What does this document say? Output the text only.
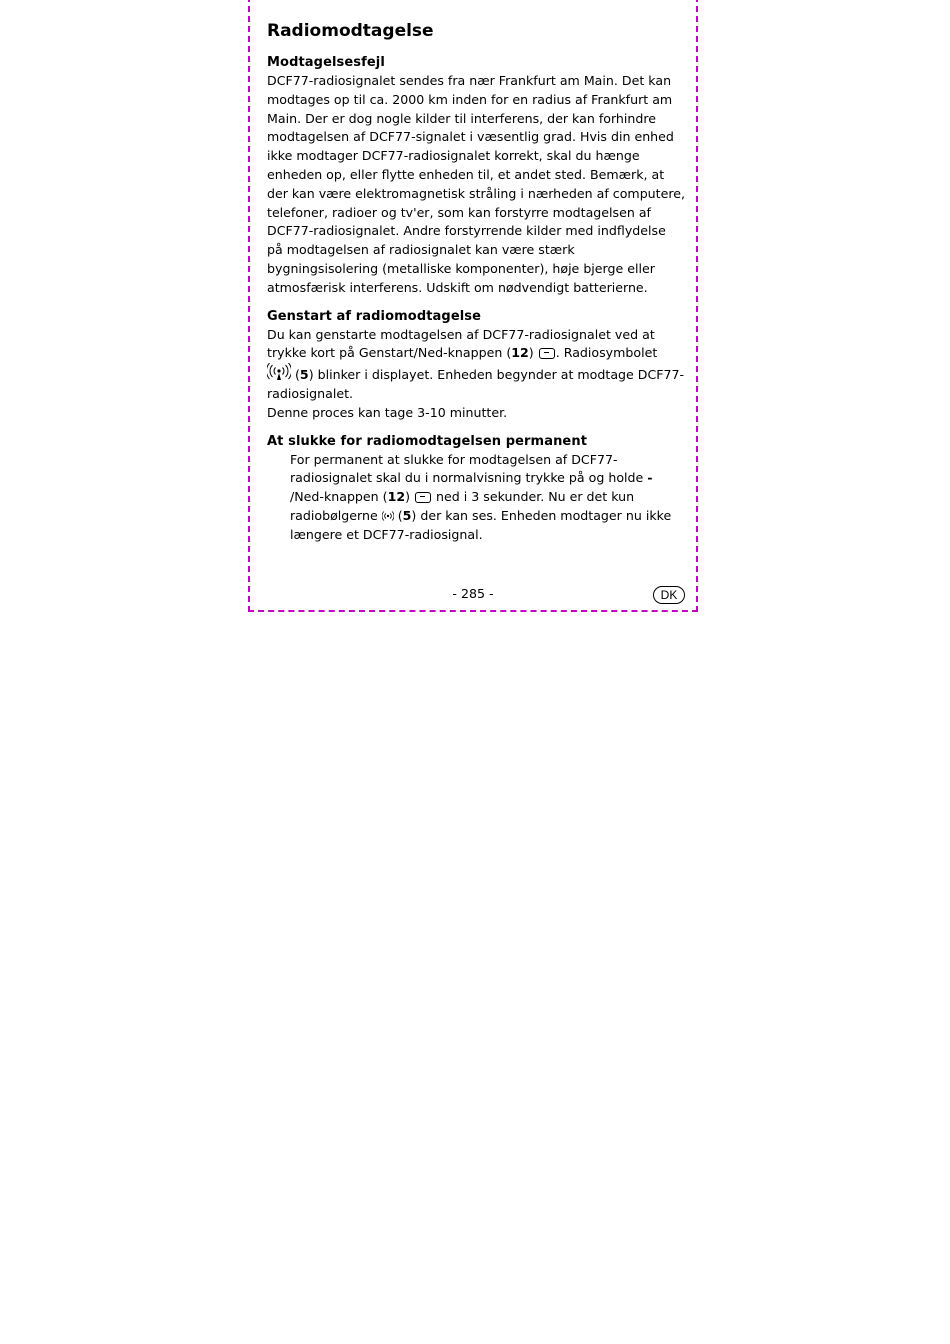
Radiomodtagelse
Modtagelsesfejl

DCF77-radiosignalet sendes fra nær Frankfurt am Main. Det kan modtages op til ca. 2000 km inden for en radius af Frankfurt am Main. Der er dog nogle kilder til interferens, der kan forhindre modtagelsen af DCF77-signalet i væsentlig grad. Hvis din enhed ikke modtager DCF77-radiosignalet korrekt, skal du hænge enheden op, eller flytte enheden til, et andet sted. Bemærk, at der kan være elektromagnetisk stråling i nærheden af computere, telefoner, radioer og tv'er, som kan forstyrre modtagelsen af DCF77-radiosignalet. Andre forstyrrende kilder med indflydelse på modtagelsen af radiosignalet kan være stærk bygningsisolering (metalliske komponenter), høje bjerge eller atmosfærisk interferens. Udskift om nødvendigt batterierne.

Genstart af radiomodtagelse

Du kan genstarte modtagelsen af DCF77-radiosignalet ved at trykke kort på Genstart/Ned-knappen (12) . Radiosymbolet
(5) blinker i displayet. Enheden begynder at modtage DCF77-radiosignalet.

Denne proces kan tage 3-10 minutter.

At slukke for radiomodtagelsen permanent

For permanent at slukke for modtagelsen af DCF77-radiosignalet skal du i normalvisning trykke på og holde -
/Ned-knappen (12)  ned i 3 sekunder. Nu er det kun radiobølgerne  (5) der kan ses. Enheden modtager nu ikke længere et DCF77-radiosignal.

- 285 -	DK
